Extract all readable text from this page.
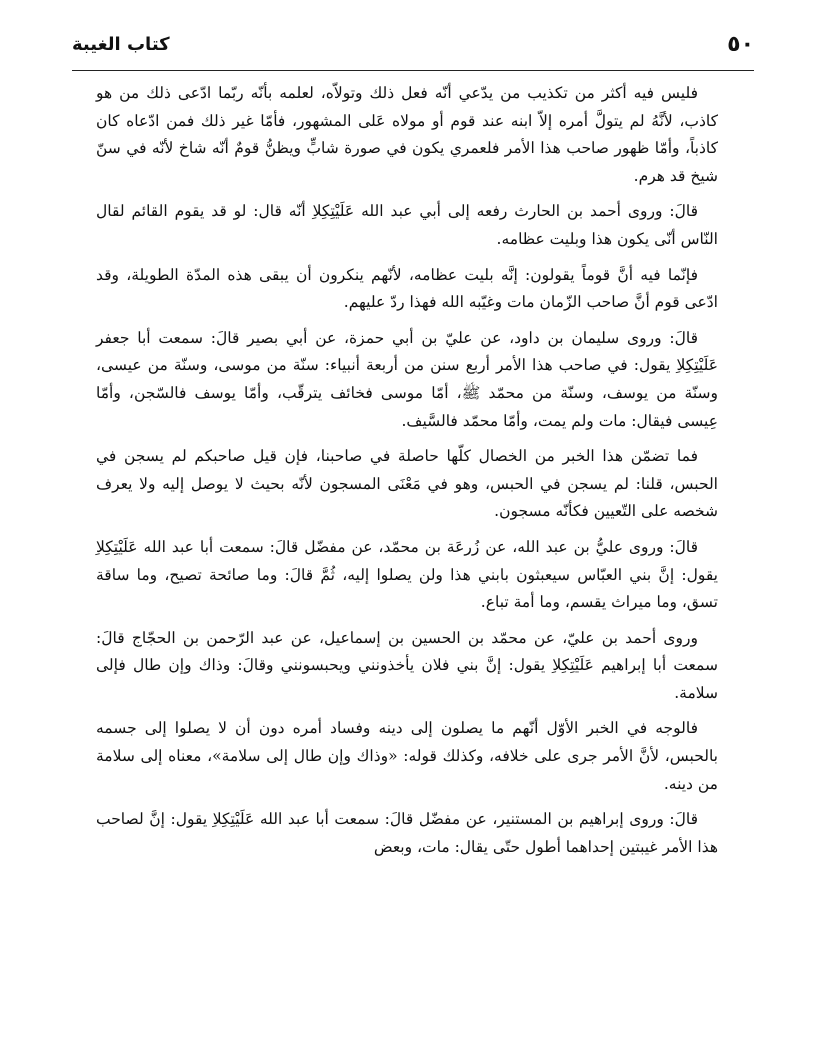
٥٠
كتاب الغيبة

فليس فيه أكثر من تكذيب من يدّعي أنّه فعل ذلك وتولاّه، لعلمه بأنّه ربّما ادّعى ذلك من هو كاذب، لأنَّهُ لم يتولَّ أمره إلاّ ابنه عند قوم أو مولاه عَلى المشهور، فأمّا غير ذلك فمن ادّعاه كان كاذباً، وأمّا ظهور صاحب هذا الأمر فلعمري يكون في صورة شابٍّ ويظنُّ قومٌ أنّه شاخ لأنّه في سنّ شيخ قد هرم.

قالَ: وروى أحمد بن الحارث رفعه إلى أبي عبد الله عَلَيْتِكِلاِ أنّه قال: لو قد يقوم القائم لقال النّاس أنّى يكون هذا وبليت عظامه.

فإنّما فيه أنَّ قوماً يقولون: إنَّه بليت عظامه، لأنّهم ينكرون أن يبقى هذه المدّة الطويلة، وقد ادّعى قوم أنَّ صاحب الزّمان مات وغيّبه الله فهذا ردّ عليهم.

قالَ: وروى سليمان بن داود، عن عليّ بن أبي حمزة، عن أبي بصير قالَ: سمعت أبا جعفر عَلَيْتِكِلاِ يقول: في صاحب هذا الأمر أربع سنن من أربعة أنبياء: سنّة من موسى، وسنّة من عيسى، وسنّة من يوسف، وسنّة من محمّد ﷺ، أمّا موسى فخائف يترقّب، وأمّا يوسف فالسّجن، وأمّا عِيسى فيقال: مات ولم يمت، وأمّا محمّد فالسَّيف.

فما تضمّن هذا الخبر من الخصال كلّها حاصلة في صاحبنا، فإن قيل صاحبكم لم يسجن في الحبس، قلنا: لم يسجن في الحبس، وهو في مَعْنَى المسجون لأنّه بحيث لا يوصل إليه ولا يعرف شخصه على التّعيين فكأنّه مسجون.

قالَ: وروى عليُّ بن عبد الله، عن زُرعَة بن محمّد، عن مفضّل قالَ: سمعت أبا عبد الله عَلَيْتِكِلاِ يقول: إنَّ بني العبّاس سيعبثون بابني هذا ولن يصلوا إليه، ثُمَّ قالَ: وما صائحة تصيح، وما ساقة تسق، وما ميراث يقسم، وما أمة تباع.

وروى أحمد بن عليّ، عن محمّد بن الحسين بن إسماعيل، عن عبد الرّحمن بن الحجّاج قالَ: سمعت أبا إبراهيم عَلَيْتِكِلاِ يقول: إنَّ بني فلان يأخذونني ويحبسونني وقالَ: وذاك وإن طال فإلى سلامة.

فالوجه في الخبر الأوّل أنّهم ما يصلون إلى دينه وفساد أمره دون أن لا يصلوا إلى جسمه بالحبس، لأنَّ الأمر جرى على خلافه، وكذلك قوله: «وذاك وإن طال إلى سلامة»، معناه إلى سلامة من دينه.

قالَ: وروى إبراهيم بن المستنير، عن مفضّل قالَ: سمعت أبا عبد الله عَلَيْتِكِلاِ يقول: إنَّ لصاحب هذا الأمر غيبتين إحداهما أطول حتّى يقال: مات، وبعض
